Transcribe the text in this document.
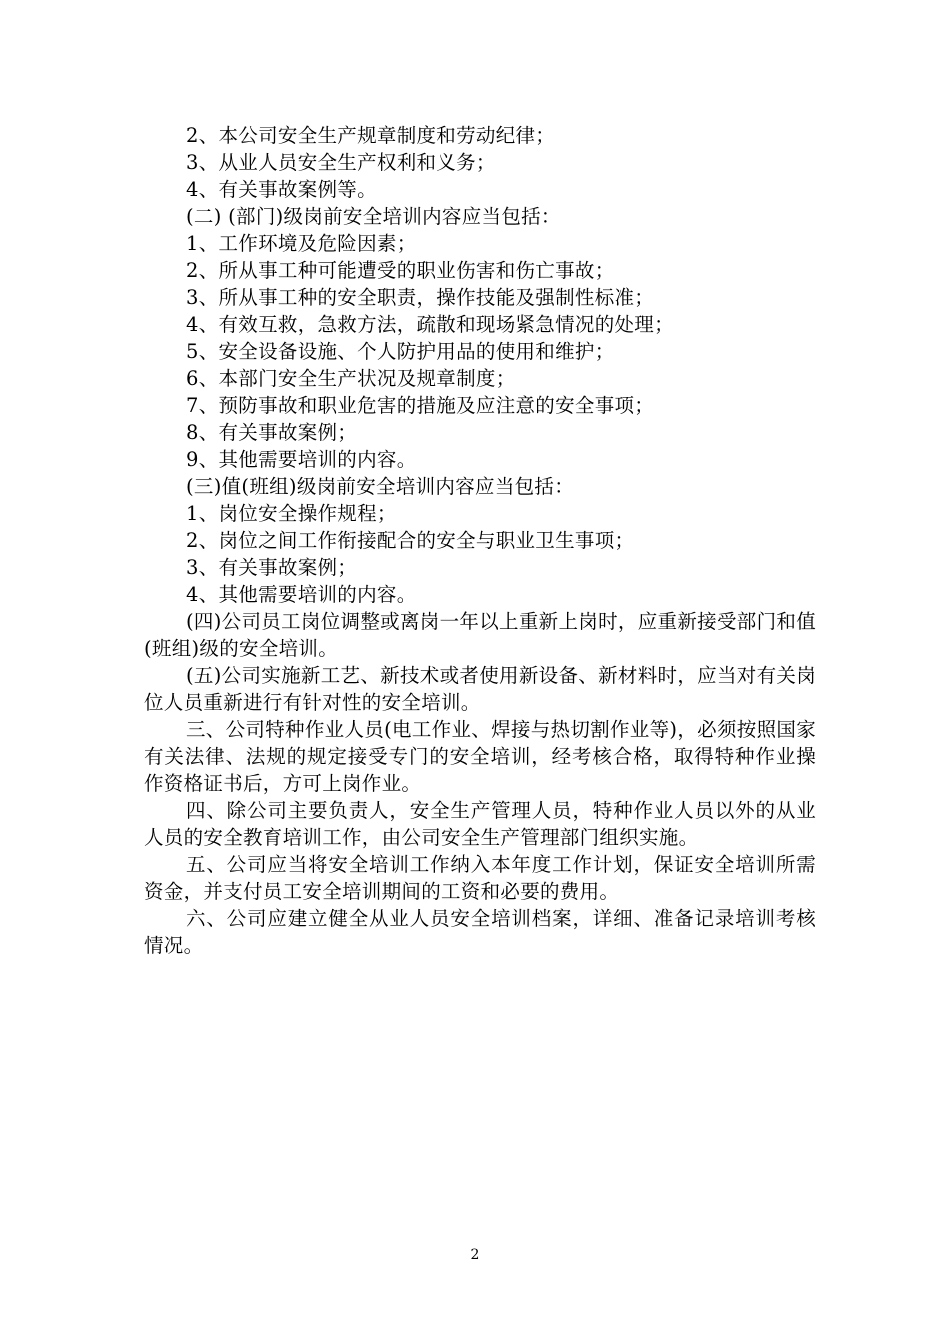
2、本公司安全生产规章制度和劳动纪律；

3、从业人员安全生产权利和义务；

4、有关事故案例等。

(二) (部门)级岗前安全培训内容应当包括：

1、工作环境及危险因素；

2、所从事工种可能遭受的职业伤害和伤亡事故；

3、所从事工种的安全职责，操作技能及强制性标准；

4、有效互救，急救方法，疏散和现场紧急情况的处理；

5、安全设备设施、个人防护用品的使用和维护；

6、本部门安全生产状况及规章制度；

7、预防事故和职业危害的措施及应注意的安全事项；

8、有关事故案例；

9、其他需要培训的内容。

(三)值(班组)级岗前安全培训内容应当包括：

1、岗位安全操作规程；

2、岗位之间工作衔接配合的安全与职业卫生事项；

3、有关事故案例；

4、其他需要培训的内容。

(四)公司员工岗位调整或离岗一年以上重新上岗时，应重新接受部门和值(班组)级的安全培训。

(五)公司实施新工艺、新技术或者使用新设备、新材料时，应当对有关岗位人员重新进行有针对性的安全培训。

三、公司特种作业人员(电工作业、焊接与热切割作业等)，必须按照国家有关法律、法规的规定接受专门的安全培训，经考核合格，取得特种作业操作资格证书后，方可上岗作业。

四、除公司主要负责人，安全生产管理人员，特种作业人员以外的从业人员的安全教育培训工作，由公司安全生产管理部门组织实施。

五、公司应当将安全培训工作纳入本年度工作计划，保证安全培训所需资金，并支付员工安全培训期间的工资和必要的费用。

六、公司应建立健全从业人员安全培训档案，详细、准备记录培训考核情况。

2
